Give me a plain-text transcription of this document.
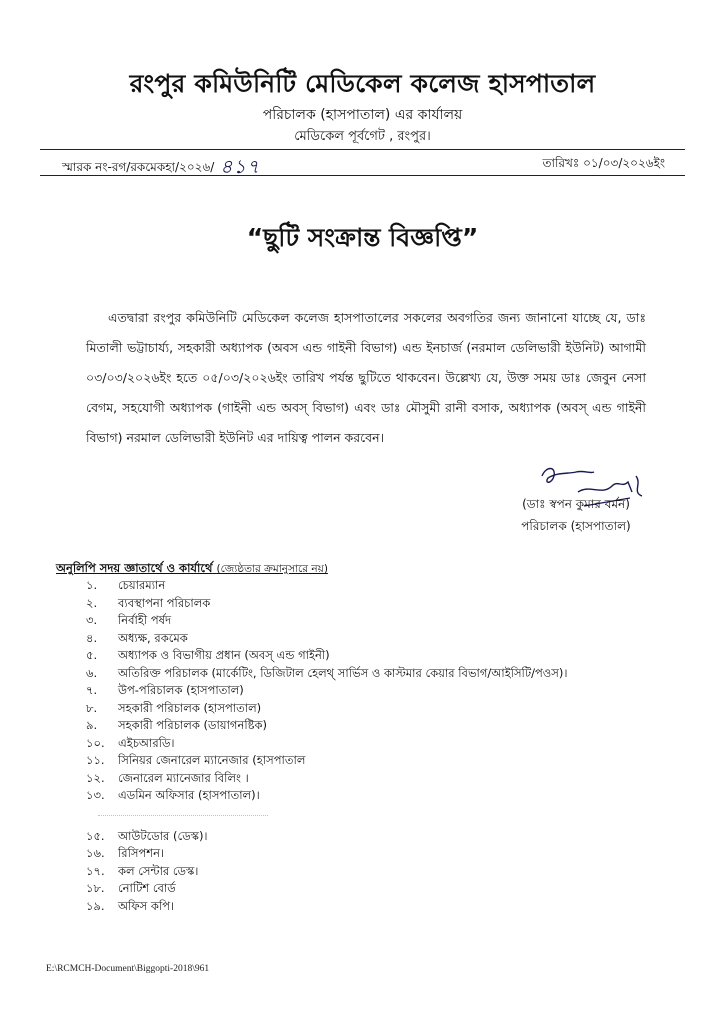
রংপুর কমিউনিটি মেডিকেল কলেজ হাসপাতাল
পরিচালক (হাসপাতাল) এর কার্যালয়
মেডিকেল পূর্বগেট , রংপুর।
স্মারক নং-রগ/রকমেকহা/২০২৬/ ৪১৭	তারিখঃ ০১/০৩/২০২৬ইং
“ছুটি সংক্রান্ত বিজ্ঞপ্তি”

এতদ্বারা রংপুর কমিউনিটি মেডিকেল কলেজ হাসপাতালের সকলের অবগতির জন্য জানানো যাচ্ছে যে, ডাঃ মিতালী ভট্টাচার্য্য, সহকারী অধ্যাপক (অবস এন্ড গাইনী বিভাগ) এন্ড ইনচার্জ (নরমাল ডেলিভারী ইউনিট) আগামী ০৩/০৩/২০২৬ইং হতে ০৫/০৩/২০২৬ইং তারিখ পর্যন্ত ছুটিতে থাকবেন। উল্লেখ্য যে, উক্ত সময় ডাঃ জেবুন নেসা বেগম, সহযোগী অধ্যাপক (গাইনী এন্ড অবস্‌ বিভাগ) এবং ডাঃ মৌসুমী রানী বসাক, অধ্যাপক (অবস্‌ এন্ড গাইনী বিভাগ) নরমাল ডেলিভারী ইউনিট এর দায়িত্ব পালন করবেন।

(ডাঃ স্বপন কুমার বর্মন)
পরিচালক (হাসপাতাল)
অনুলিপি সদয় জ্ঞাতার্থে ও কার্যার্থে (জ্যেষ্ঠতার ক্রমানুসারে নয়)
১.	চেয়ারম্যান
২.	ব্যবস্থাপনা পরিচালক
৩.	নির্বাহী পর্ষদ
৪.	অধ্যক্ষ, রকমেক
৫.	অধ্যাপক ও বিভাগীয় প্রধান (অবস্‌ এন্ড গাইনী)
৬.	অতিরিক্ত পরিচালক (মার্কেটিং, ডিজিটাল হেলথ্‌ সার্ভিস ও কাস্টমার কেয়ার বিভাগ/আইসিটি/পওস)।
৭.	উপ-পরিচালক (হাসপাতাল)
৮.	সহকারী পরিচালক (হাসপাতাল)
৯.	সহকারী পরিচালক (ডায়াগনষ্টিক)
১০.	এইচআরডি।
১১.	সিনিয়র জেনারেল ম্যানেজার (হাসপাতাল
১২.	জেনারেল ম্যানেজার বিলিং ।
১৩.	এডমিন অফিসার (হাসপাতাল)।
১৫.	আউটডোর (ডেস্ক)।
১৬.	রিসিপশন।
১৭.	কল সেন্টার ডেস্ক।
১৮.	নোটিশ বোর্ড
১৯.	অফিস কপি।
E:\RCMCH-Document\Biggopti-2018\961
